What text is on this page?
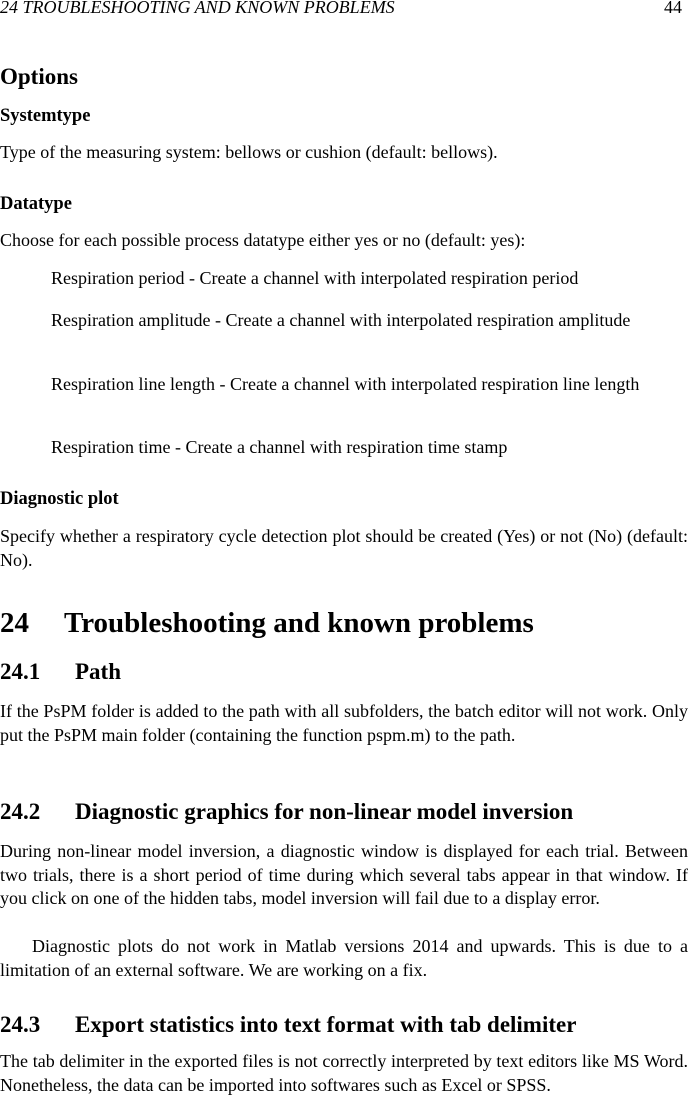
24 TROUBLESHOOTING AND KNOWN PROBLEMS	44
Options
Systemtype

Type of the measuring system: bellows or cushion (default: bellows).

Datatype

Choose for each possible process datatype either yes or no (default: yes):

Respiration period - Create a channel with interpolated respiration period

Respiration amplitude - Create a channel with interpolated respiration amplitude

Respiration line length - Create a channel with interpolated respiration line length

Respiration time - Create a channel with respiration time stamp

Diagnostic plot

Specify whether a respiratory cycle detection plot should be created (Yes) or not (No) (default: No).

24 Troubleshooting and known problems
24.1 Path

If the PsPM folder is added to the path with all subfolders, the batch editor will not work. Only put the PsPM main folder (containing the function pspm.m) to the path.

24.2 Diagnostic graphics for non-linear model inversion

During non-linear model inversion, a diagnostic window is displayed for each trial. Between two trials, there is a short period of time during which several tabs appear in that window. If you click on one of the hidden tabs, model inversion will fail due to a display error.

Diagnostic plots do not work in Matlab versions 2014 and upwards. This is due to a limitation of an external software. We are working on a fix.

24.3 Export statistics into text format with tab delimiter

The tab delimiter in the exported files is not correctly interpreted by text editors like MS Word. Nonetheless, the data can be imported into softwares such as Excel or SPSS.
